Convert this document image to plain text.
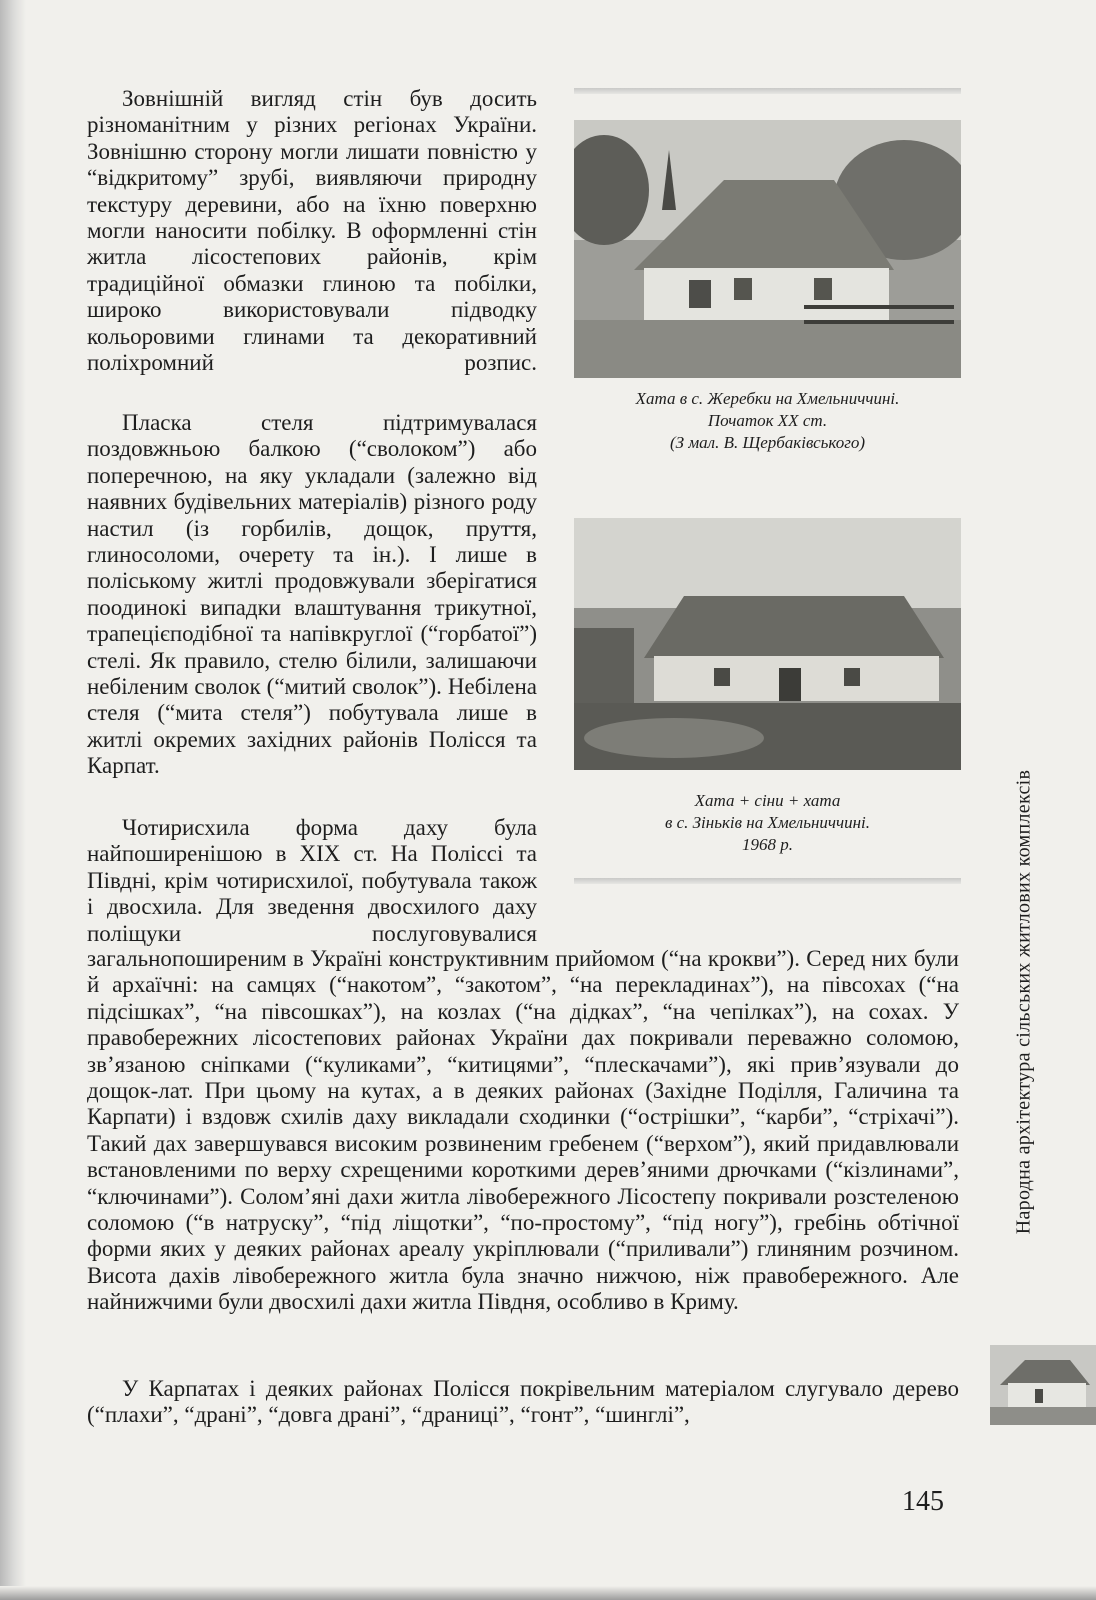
Зовнішній вигляд стін був досить різноманітним у різних регіонах України. Зовнішню сторону могли лишати повністю у “відкритому” зрубі, виявляючи природну текстуру деревини, або на їхню поверхню могли наносити побілку. В оформленні стін житла лісостепових районів, крім традиційної обмазки глиною та побілки, широко використовували підводку кольоровими глинами та декоративний поліхромний розпис.

Пласка стеля підтримувалася поздовжньою балкою (“сволоком”) або поперечною, на яку укладали (залежно від наявних будівельних матеріалів) різного роду настил (із горбилів, дощок, пруття, глиносоломи, очерету та ін.). І лише в поліському житлі продовжували зберігатися поодинокі випадки влаштування трикутної, трапецієподібної та напівкруглої (“горбатої”) стелі. Як правило, стелю білили, залишаючи небіленим сволок (“митий сволок”). Небілена стеля (“мита стеля”) побутувала лише в житлі окремих західних районів Полісся та Карпат.

Чотирисхила форма даху була найпоширенішою в ХІХ ст. На Поліссі та Півдні, крім чотирисхилої, побутувала також і двосхила. Для зведення двосхилого даху поліщуки послуговувалися

загальнопоширеним в Україні конструктивним прийомом (“на крокви”). Серед них були й архаїчні: на самцях (“накотом”, “закотом”, “на перекладинах”), на півсохах (“на підсішках”, “на півсошках”), на козлах (“на дідках”, “на чепілках”), на сохах. У правобережних лісостепових районах України дах покривали переважно соломою, зв’язаною сніпками (“куликами”, “китицями”, “плескачами”), які прив’язували до дощок-лат. При цьому на кутах, а в деяких районах (Західне Поділля, Галичина та Карпати) і вздовж схилів даху викладали сходинки (“острішки”, “карби”, “стріхачі”). Такий дах завершувався високим розвиненим гребенем (“верхом”), який придавлювали встановленими по верху схрещеними короткими дерев’яними дрючками (“кізлинами”, “ключинами”). Солом’яні дахи житла лівобережного Лісостепу покривали розстеленою соломою (“в натруску”, “під ліщотки”, “по-простому”, “під ногу”), гребінь обтічної форми яких у деяких районах ареалу укріплювали (“приливали”) глиняним розчином. Висота дахів лівобережного житла була значно нижчою, ніж правобережного. Але найнижчими були двосхилі дахи житла Півдня, особливо в Криму.

У Карпатах і деяких районах Полісся покрівельним матеріалом слугувало дерево (“плахи”, “драні”, “довга драні”, “драниці”, “гонт”, “шинглі”,

Хата в с. Жеребки на Хмельниччині.
Початок ХХ ст.
(З мал. В. Щербаківського)
Хата + сіни + хата
в с. Зіньків на Хмельниччині.
1968 р.	Народна архітектура сільських житлових комплексів
145
